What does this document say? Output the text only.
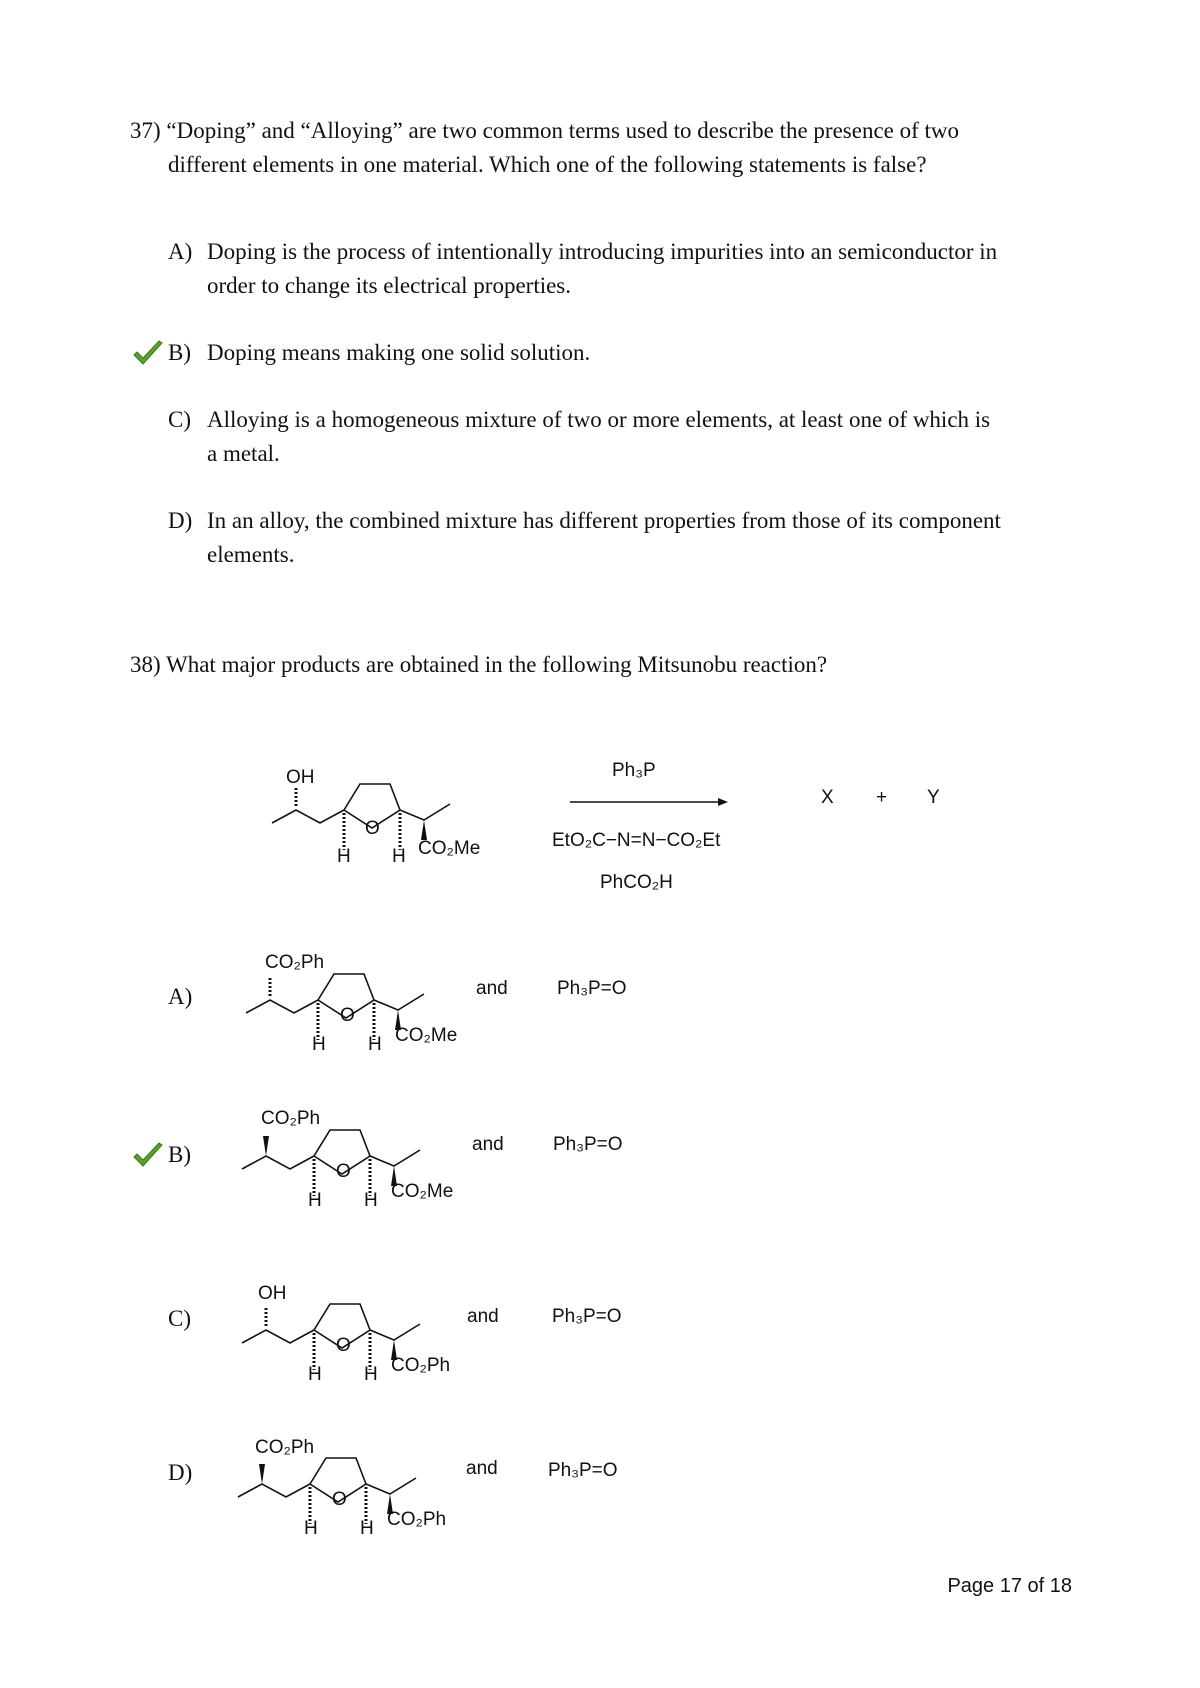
37) “Doping” and “Alloying” are two common terms used to describe the presence of two
different elements in one material. Which one of the following statements is false?
A) Doping is the process of intentionally introducing impurities into an semiconductor in
order to change its electrical properties.
B) Doping means making one solid solution.
C) Alloying is a homogeneous mixture of two or more elements, at least one of which is
a metal.
D) In an alloy, the combined mixture has different properties from those of its component
elements.
38) What major products are obtained in the following Mitsunobu reaction?
OH
O
H H CO₂Me
Ph₃P
EtO₂C−N=N−CO₂Et
PhCO₂H
X + Y
A)
CO₂Ph
O
H H CO₂Me
and	Ph₃P=O
B)
CO₂Ph
O
H H CO₂Me
and	Ph₃P=O
C)
OH
O
H H CO₂Ph
and	Ph₃P=O
D)
CO₂Ph
O
H H CO₂Ph
and	Ph₃P=O
Page 17 of 18
